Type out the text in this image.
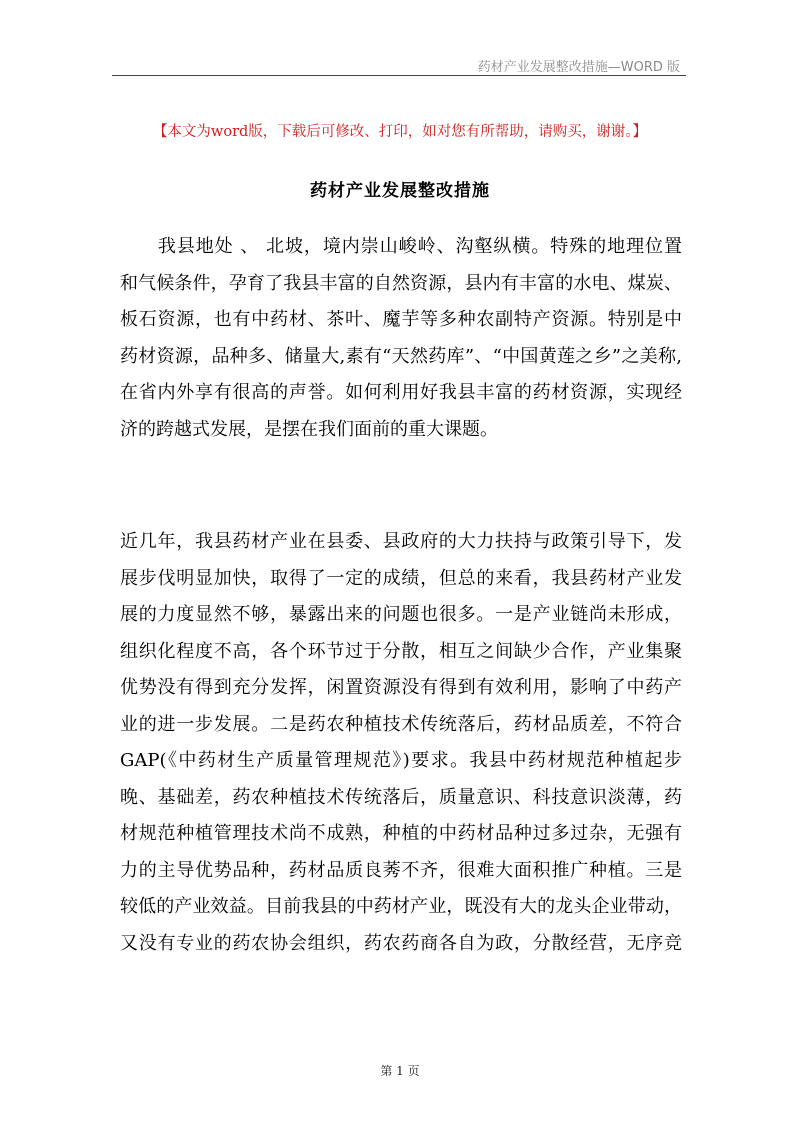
药材产业发展整改措施—WORD 版
【本文为word版，下载后可修改、打印，如对您有所帮助，请购买，谢谢。】
药材产业发展整改措施
　　我县地处 、 北坡，境内崇山峻岭、沟壑纵横。特殊的地理位置
和气候条件，孕育了我县丰富的自然资源，县内有丰富的水电、煤炭、
板石资源，也有中药材、茶叶、魔芋等多种农副特产资源。特别是中
药材资源，品种多、储量大,素有“天然药库”、“中国黄莲之乡”之美称,
在省内外享有很高的声誉。如何利用好我县丰富的药材资源，实现经
济的跨越式发展，是摆在我们面前的重大课题。
近几年，我县药材产业在县委、县政府的大力扶持与政策引导下，发
展步伐明显加快，取得了一定的成绩，但总的来看，我县药材产业发
展的力度显然不够，暴露出来的问题也很多。一是产业链尚未形成，
组织化程度不高，各个环节过于分散，相互之间缺少合作，产业集聚
优势没有得到充分发挥，闲置资源没有得到有效利用，影响了中药产
业的进一步发展。二是药农种植技术传统落后，药材品质差，不符合
GAP(《中药材生产质量管理规范》)要求。我县中药材规范种植起步
晚、基础差，药农种植技术传统落后，质量意识、科技意识淡薄，药
材规范种植管理技术尚不成熟，种植的中药材品种过多过杂，无强有
力的主导优势品种，药材品质良莠不齐，很难大面积推广种植。三是
较低的产业效益。目前我县的中药材产业，既没有大的龙头企业带动，
又没有专业的药农协会组织，药农药商各自为政，分散经营，无序竞
第 1 页
